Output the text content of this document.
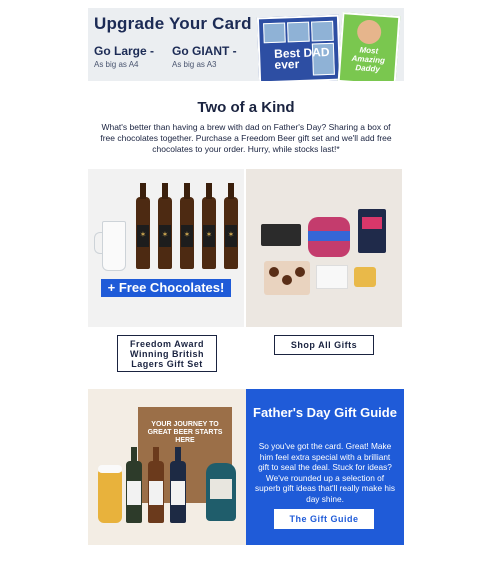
Upgrade Your Card
Go Large -
As big as A4
Go GIANT -
As big as A3
Best DAD ever
Most Amazing Daddy
Two of a Kind

What's better than having a brew with dad on Father's Day? Sharing a box of free chocolates together. Purchase a Freedom Beer gift set and we'll add free chocolates to your order. Hurry, while stocks last!*

✶ ✶ ✶ ✶ ✶
+ Free Chocolates!
Freedom Award Winning British Lagers Gift Set
Shop All Gifts
YOUR JOURNEY TO GREAT BEER STARTS HERE
Father's Day Gift Guide

So you've got the card. Great! Make him feel extra special with a brilliant gift to seal the deal. Stuck for ideas? We've rounded up a selection of superb gift ideas that'll really make his day shine.

The Gift Guide
